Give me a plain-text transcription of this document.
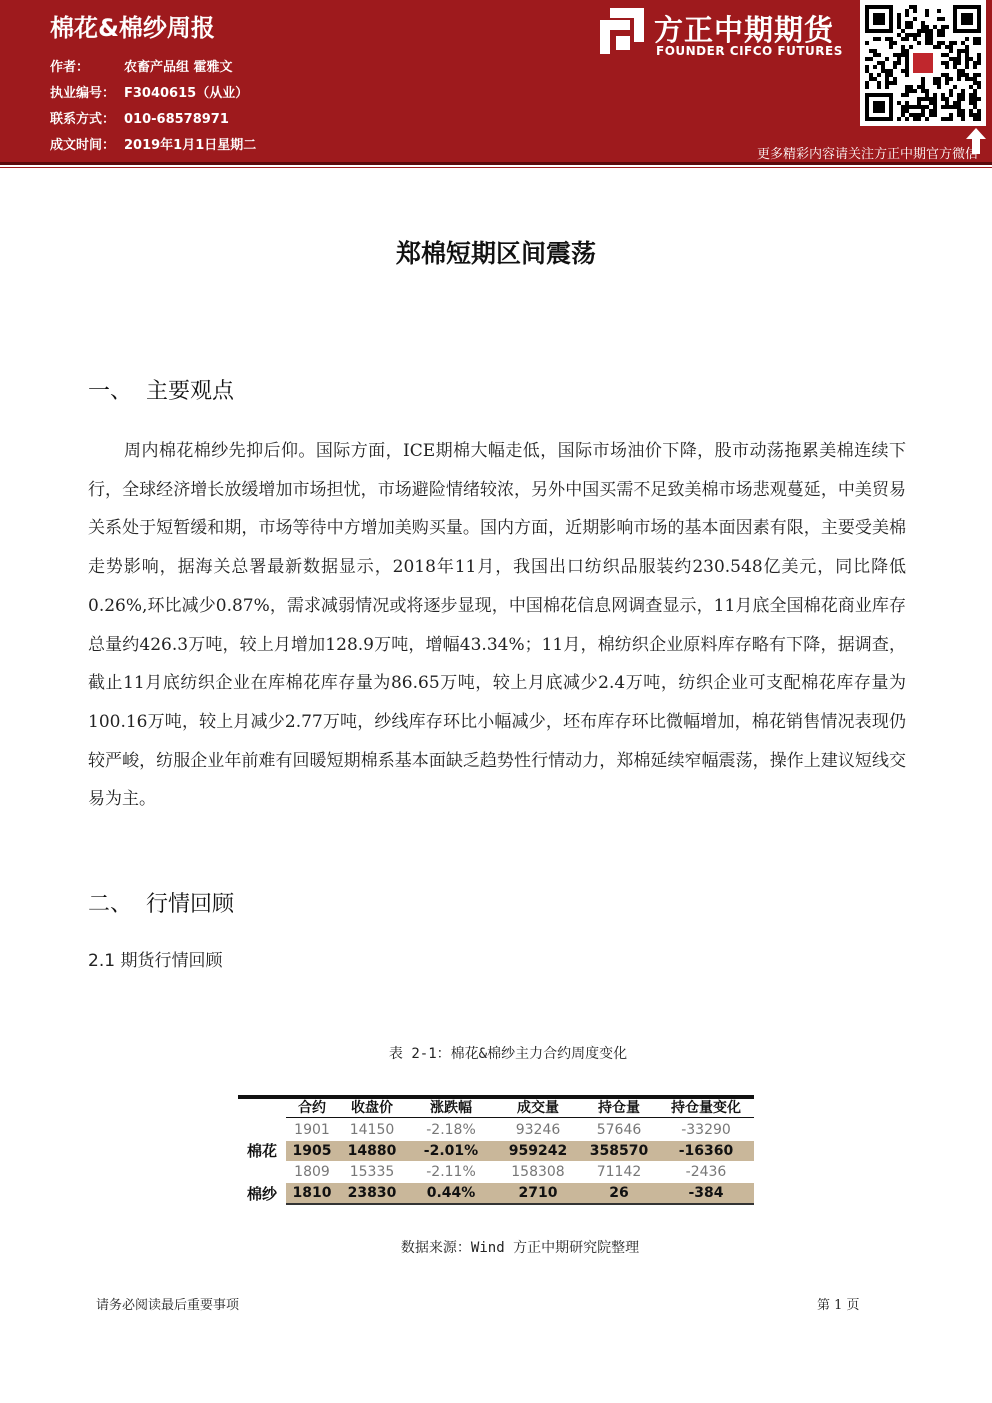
棉花&棉纱周报
作者：	农畜产品组 霍雅文
执业编号： F3040615（从业）
联系方式： 010-68578971
成文时间： 2019年1月1日星期二
方正中期期货
FOUNDER CIFCO FUTURES
更多精彩内容请关注方正中期官方微信
郑棉短期区间震荡
一、 主要观点

周内棉花棉纱先抑后仰。国际方面，ICE期棉大幅走低，国际市场油价下降，股市动荡拖累美棉连续下行，全球经济增长放缓增加市场担忧，市场避险情绪较浓，另外中国买需不足致美棉市场悲观蔓延，中美贸易关系处于短暂缓和期，市场等待中方增加美购买量。国内方面，近期影响市场的基本面因素有限，主要受美棉走势影响，据海关总署最新数据显示，2018年11月，我国出口纺织品服装约230.548亿美元，同比降低0.26%,环比减少0.87%，需求减弱情况或将逐步显现，中国棉花信息网调查显示，11月底全国棉花商业库存总量约426.3万吨，较上月增加128.9万吨，增幅43.34%；11月，棉纺织企业原料库存略有下降，据调查，截止11月底纺织企业在库棉花库存量为86.65万吨，较上月底减少2.4万吨，纺织企业可支配棉花库存量为100.16万吨，较上月减少2.77万吨，纱线库存环比小幅减少，坯布库存环比微幅增加，棉花销售情况表现仍较严峻，纺服企业年前难有回暖短期棉系基本面缺乏趋势性行情动力，郑棉延续窄幅震荡，操作上建议短线交易为主。

二、 行情回顾
2.1 期货行情回顾
表 2-1：棉花&棉纱主力合约周度变化
合约	收盘价	涨跌幅	成交量	持仓量	持仓量变化
1901	14150	-2.18%	93246	57646	-33290
1905	14880	-2.01%	959242	358570	-16360
棉花
1809	15335	-2.11%	158308	71142	-2436
1810	23830	0.44%	2710	26	-384
棉纱
数据来源：Wind 方正中期研究院整理
请务必阅读最后重要事项	第 1 页
